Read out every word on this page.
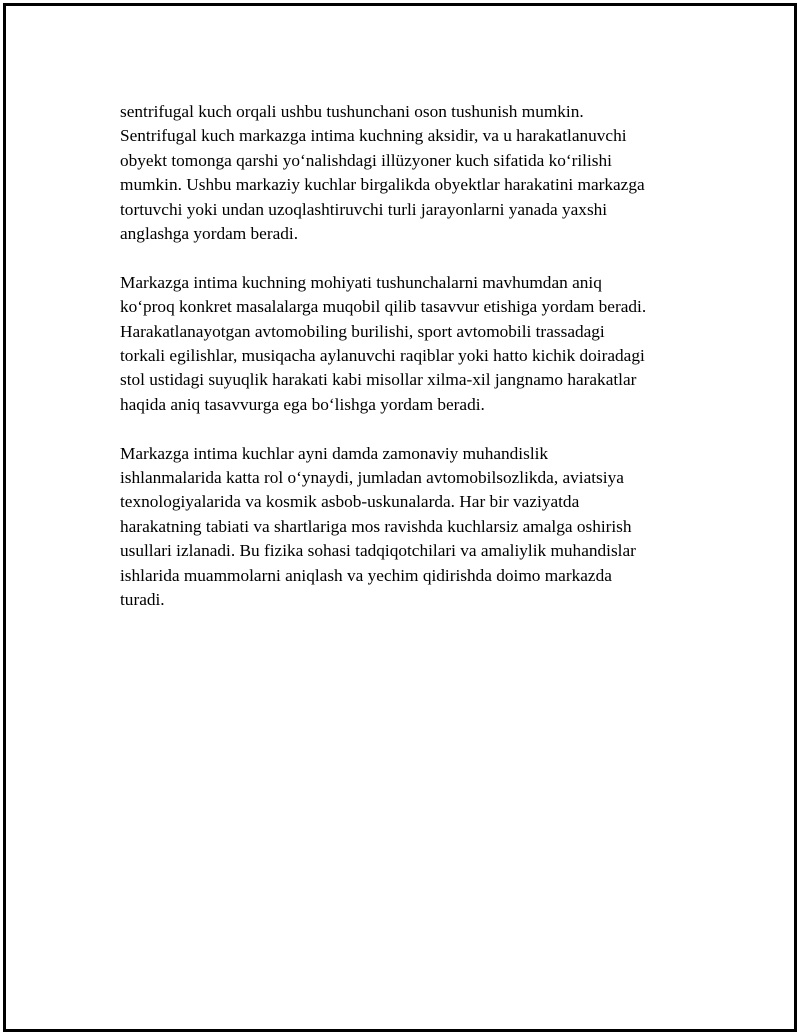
sentrifugal kuch orqali ushbu tushunchani oson tushunish mumkin.
Sentrifugal kuch markazga intima kuchning aksidir, va u harakatlanuvchi
obyekt tomonga qarshi yo‘nalishdagi illüzyoner kuch sifatida ko‘rilishi
mumkin. Ushbu markaziy kuchlar birgalikda obyektlar harakatini markazga
tortuvchi yoki undan uzoqlashtiruvchi turli jarayonlarni yanada yaxshi
anglashga yordam beradi.

Markazga intima kuchning mohiyati tushunchalarni mavhumdan aniq
ko‘proq konkret masalalarga muqobil qilib tasavvur etishiga yordam beradi.
Harakatlanayotgan avtomobiling burilishi, sport avtomobili trassadagi
torkali egilishlar, musiqacha aylanuvchi raqiblar yoki hatto kichik doiradagi
stol ustidagi suyuqlik harakati kabi misollar xilma-xil jangnamo harakatlar
haqida aniq tasavvurga ega bo‘lishga yordam beradi.

Markazga intima kuchlar ayni damda zamonaviy muhandislik
ishlanmalarida katta rol o‘ynaydi, jumladan avtomobilsozlikda, aviatsiya
texnologiyalarida va kosmik asbob-uskunalarda. Har bir vaziyatda
harakatning tabiati va shartlariga mos ravishda kuchlarsiz amalga oshirish
usullari izlanadi. Bu fizika sohasi tadqiqotchilari va amaliylik muhandislar
ishlarida muammolarni aniqlash va yechim qidirishda doimo markazda
turadi.
